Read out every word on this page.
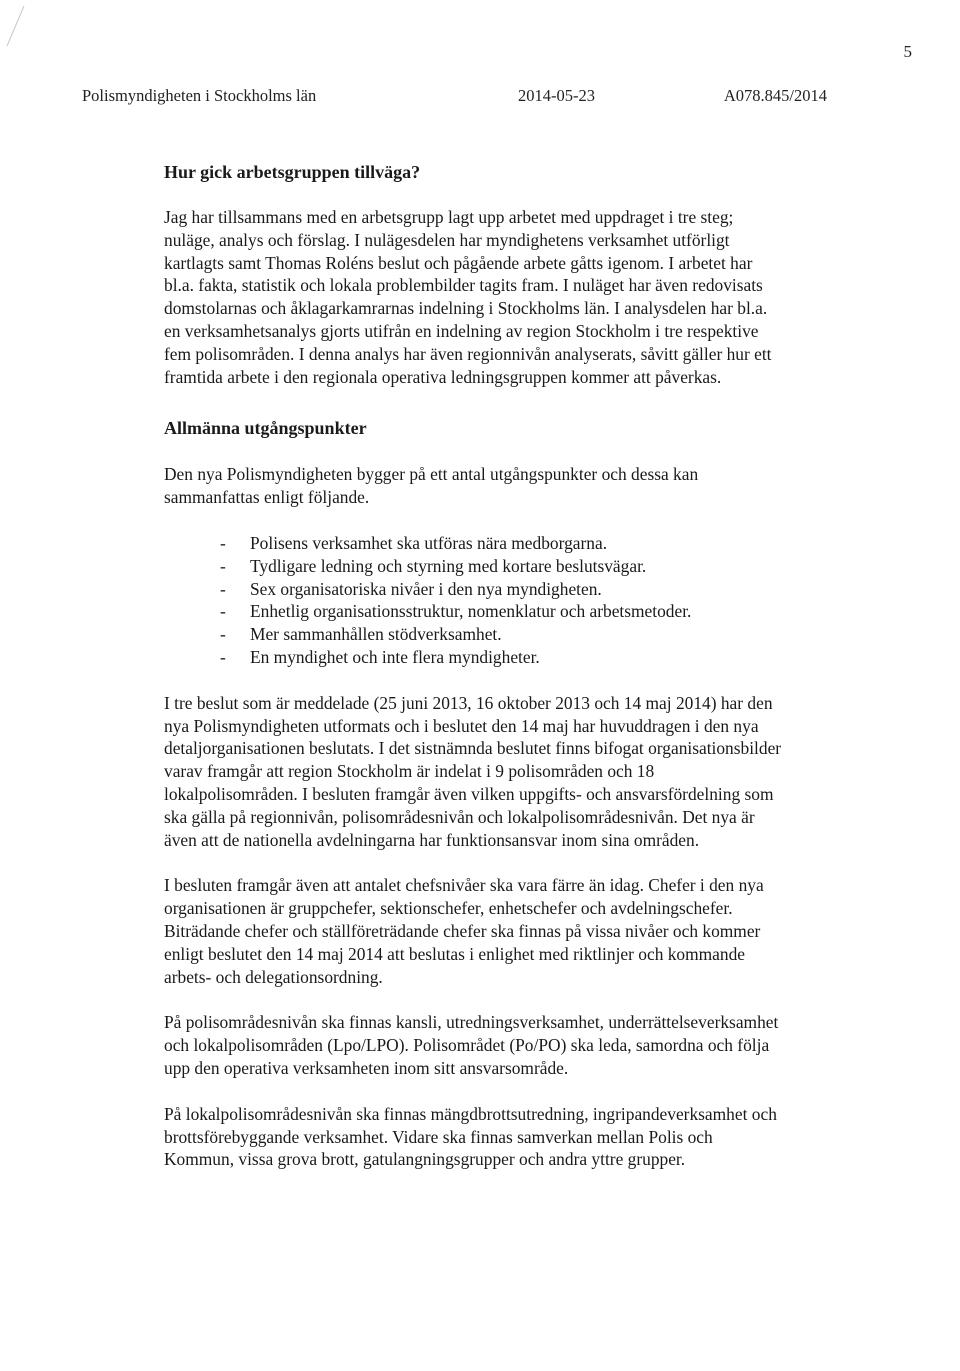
5
Polismyndigheten i Stockholms län	2014-05-23	A078.845/2014
Hur gick arbetsgruppen tillväga?

Jag har tillsammans med en arbetsgrupp lagt upp arbetet med uppdraget i tre steg; nuläge, analys och förslag. I nulägesdelen har myndighetens verksamhet utförligt kartlagts samt Thomas Roléns beslut och pågående arbete gåtts igenom. I arbetet har bl.a. fakta, statistik och lokala problembilder tagits fram. I nuläget har även redovisats domstolarnas och åklagarkamrarnas indelning i Stockholms län. I analysdelen har bl.a. en verksamhetsanalys gjorts utifrån en indelning av region Stockholm i tre respektive fem polisområden. I denna analys har även regionnivån analyserats, såvitt gäller hur ett framtida arbete i den regionala operativa ledningsgruppen kommer att påverkas.

Allmänna utgångspunkter

Den nya Polismyndigheten bygger på ett antal utgångspunkter och dessa kan sammanfattas enligt följande.

- Polisens verksamhet ska utföras nära medborgarna.
- Tydligare ledning och styrning med kortare beslutsvägar.
- Sex organisatoriska nivåer i den nya myndigheten.
- Enhetlig organisationsstruktur, nomenklatur och arbetsmetoder.
- Mer sammanhållen stödverksamhet.
- En myndighet och inte flera myndigheter.

I tre beslut som är meddelade (25 juni 2013, 16 oktober 2013 och 14 maj 2014) har den nya Polismyndigheten utformats och i beslutet den 14 maj har huvuddragen i den nya detaljorganisationen beslutats. I det sistnämnda beslutet finns bifogat organisationsbilder varav framgår att region Stockholm är indelat i 9 polisområden och 18 lokalpolisområden. I besluten framgår även vilken uppgifts- och ansvarsfördelning som ska gälla på regionnivån, polisområdesnivån och lokalpolisområdesnivån. Det nya är även att de nationella avdelningarna har funktionsansvar inom sina områden.

I besluten framgår även att antalet chefsnivåer ska vara färre än idag. Chefer i den nya organisationen är gruppchefer, sektionschefer, enhetschefer och avdelningschefer. Biträdande chefer och ställföreträdande chefer ska finnas på vissa nivåer och kommer enligt beslutet den 14 maj 2014 att beslutas i enlighet med riktlinjer och kommande arbets- och delegationsordning.

På polisområdesnivån ska finnas kansli, utredningsverksamhet, underrättelseverksamhet och lokalpolisområden (Lpo/LPO). Polisområdet (Po/PO) ska leda, samordna och följa upp den operativa verksamheten inom sitt ansvarsområde.

På lokalpolisområdesnivån ska finnas mängdbrottsutredning, ingripandeverksamhet och brottsförebyggande verksamhet. Vidare ska finnas samverkan mellan Polis och Kommun, vissa grova brott, gatulangningsgrupper och andra yttre grupper.
